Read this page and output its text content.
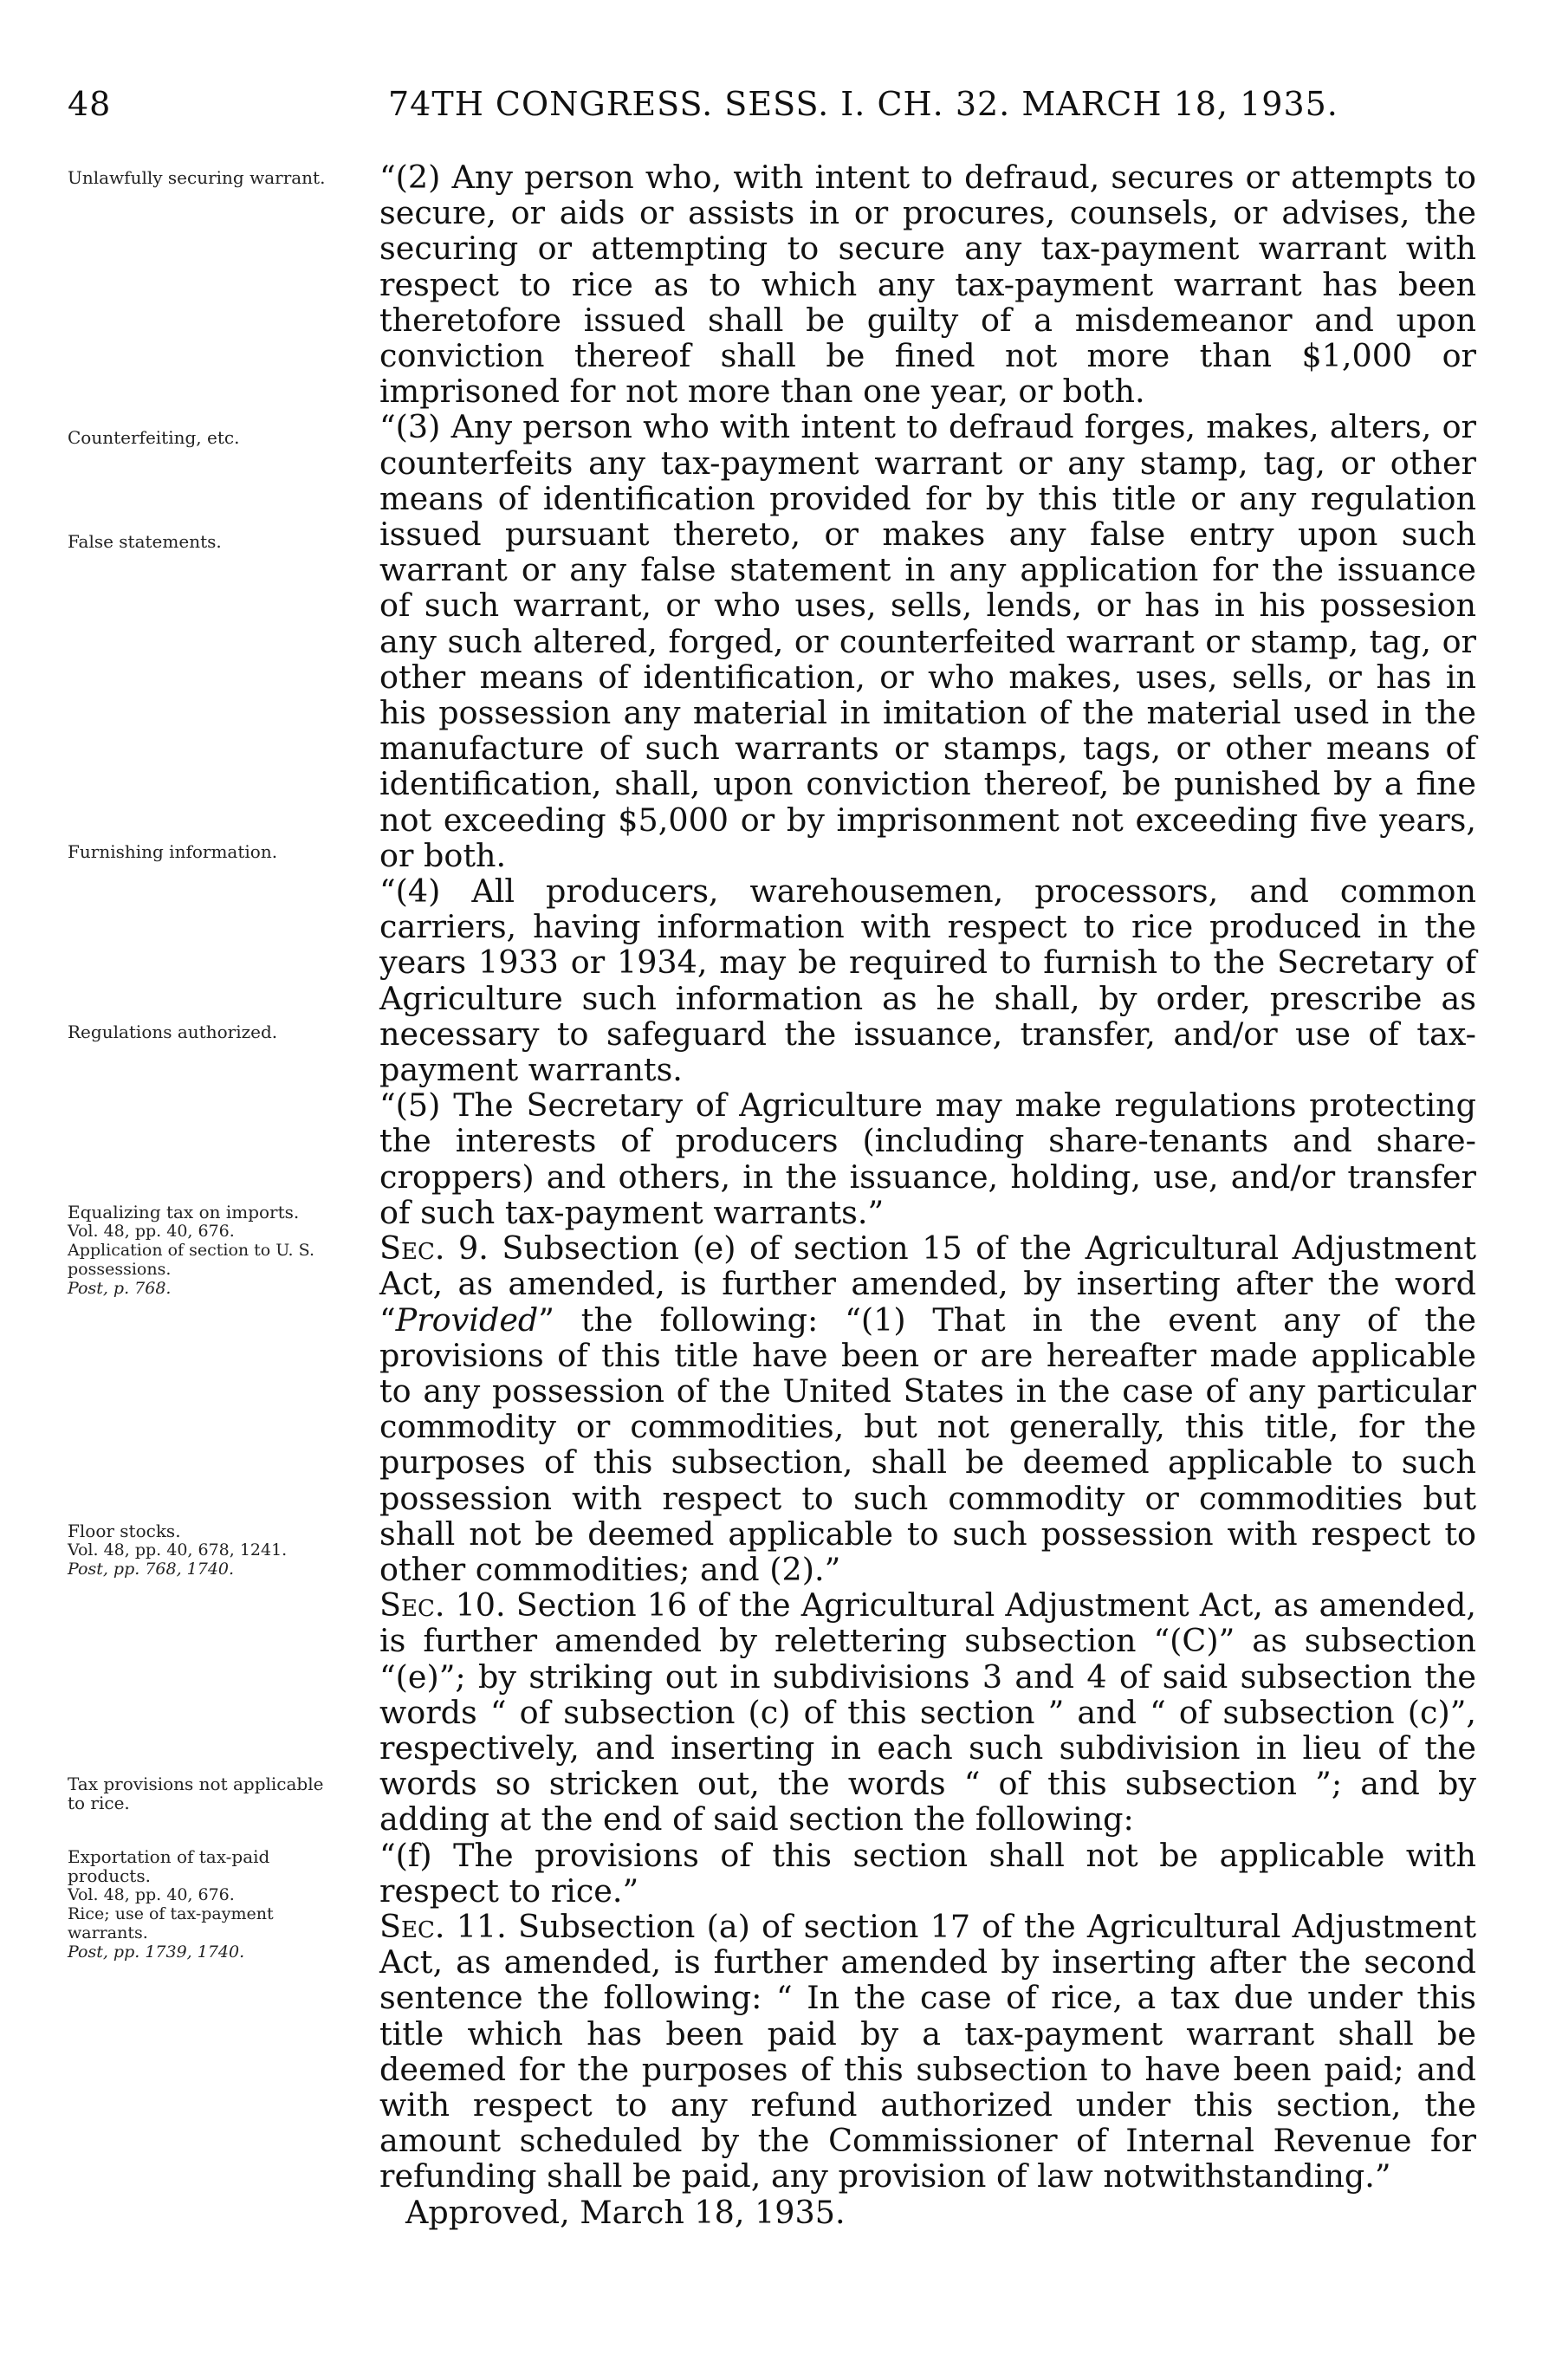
48	74TH CONGRESS. SESS. I. CH. 32. MARCH 18, 1935.
Unlawfully securing warrant.
Counterfeiting, etc.
False statements.
Furnishing information.
Regulations authorized.
Equalizing tax on imports.
Vol. 48, pp. 40, 676.
Application of section to U. S. possessions.
Post, p. 768.
Floor stocks.
Vol. 48, pp. 40, 678, 1241.
Post, pp. 768, 1740.
Tax provisions not applicable to rice.
Exportation of tax-paid products.
Vol. 48, pp. 40, 676.
Rice; use of tax-payment warrants.
Post, pp. 1739, 1740.

“(2) Any person who, with intent to defraud, secures or attempts to secure, or aids or assists in or procures, counsels, or advises, the securing or attempting to secure any tax-payment warrant with respect to rice as to which any tax-payment warrant has been theretofore issued shall be guilty of a misdemeanor and upon conviction thereof shall be fined not more than $1,000 or imprisoned for not more than one year, or both.

“(3) Any person who with intent to defraud forges, makes, alters, or counterfeits any tax-payment warrant or any stamp, tag, or other means of identification provided for by this title or any regulation issued pursuant thereto, or makes any false entry upon such warrant or any false statement in any application for the issuance of such warrant, or who uses, sells, lends, or has in his possesion any such altered, forged, or counterfeited warrant or stamp, tag, or other means of identification, or who makes, uses, sells, or has in his possession any material in imitation of the material used in the manufacture of such warrants or stamps, tags, or other means of identification, shall, upon conviction thereof, be punished by a fine not exceeding $5,000 or by imprisonment not exceeding five years, or both.

“(4) All producers, warehousemen, processors, and common carriers, having information with respect to rice produced in the years 1933 or 1934, may be required to furnish to the Secretary of Agriculture such information as he shall, by order, prescribe as necessary to safeguard the issuance, transfer, and/or use of tax-payment warrants.

“(5) The Secretary of Agriculture may make regulations protecting the interests of producers (including share-tenants and share-croppers) and others, in the issuance, holding, use, and/or transfer of such tax-payment warrants.”

Sec. 9. Subsection (e) of section 15 of the Agricultural Adjustment Act, as amended, is further amended, by inserting after the word “Provided” the following: “(1) That in the event any of the provisions of this title have been or are hereafter made applicable to any possession of the United States in the case of any particular commodity or commodities, but not generally, this title, for the purposes of this subsection, shall be deemed applicable to such possession with respect to such commodity or commodities but shall not be deemed applicable to such possession with respect to other commodities; and (2).”

Sec. 10. Section 16 of the Agricultural Adjustment Act, as amended, is further amended by relettering subsection “(C)” as subsection “(e)”; by striking out in subdivisions 3 and 4 of said subsection the words “ of subsection (c) of this section ” and “ of subsection (c)”, respectively, and inserting in each such subdivision in lieu of the words so stricken out, the words “ of this subsection ”; and by adding at the end of said section the following:

“(f) The provisions of this section shall not be applicable with respect to rice.”

Sec. 11. Subsection (a) of section 17 of the Agricultural Adjustment Act, as amended, is further amended by inserting after the second sentence the following: “ In the case of rice, a tax due under this title which has been paid by a tax-payment warrant shall be deemed for the purposes of this subsection to have been paid; and with respect to any refund authorized under this section, the amount scheduled by the Commissioner of Internal Revenue for refunding shall be paid, any provision of law notwithstanding.”

Approved, March 18, 1935.
